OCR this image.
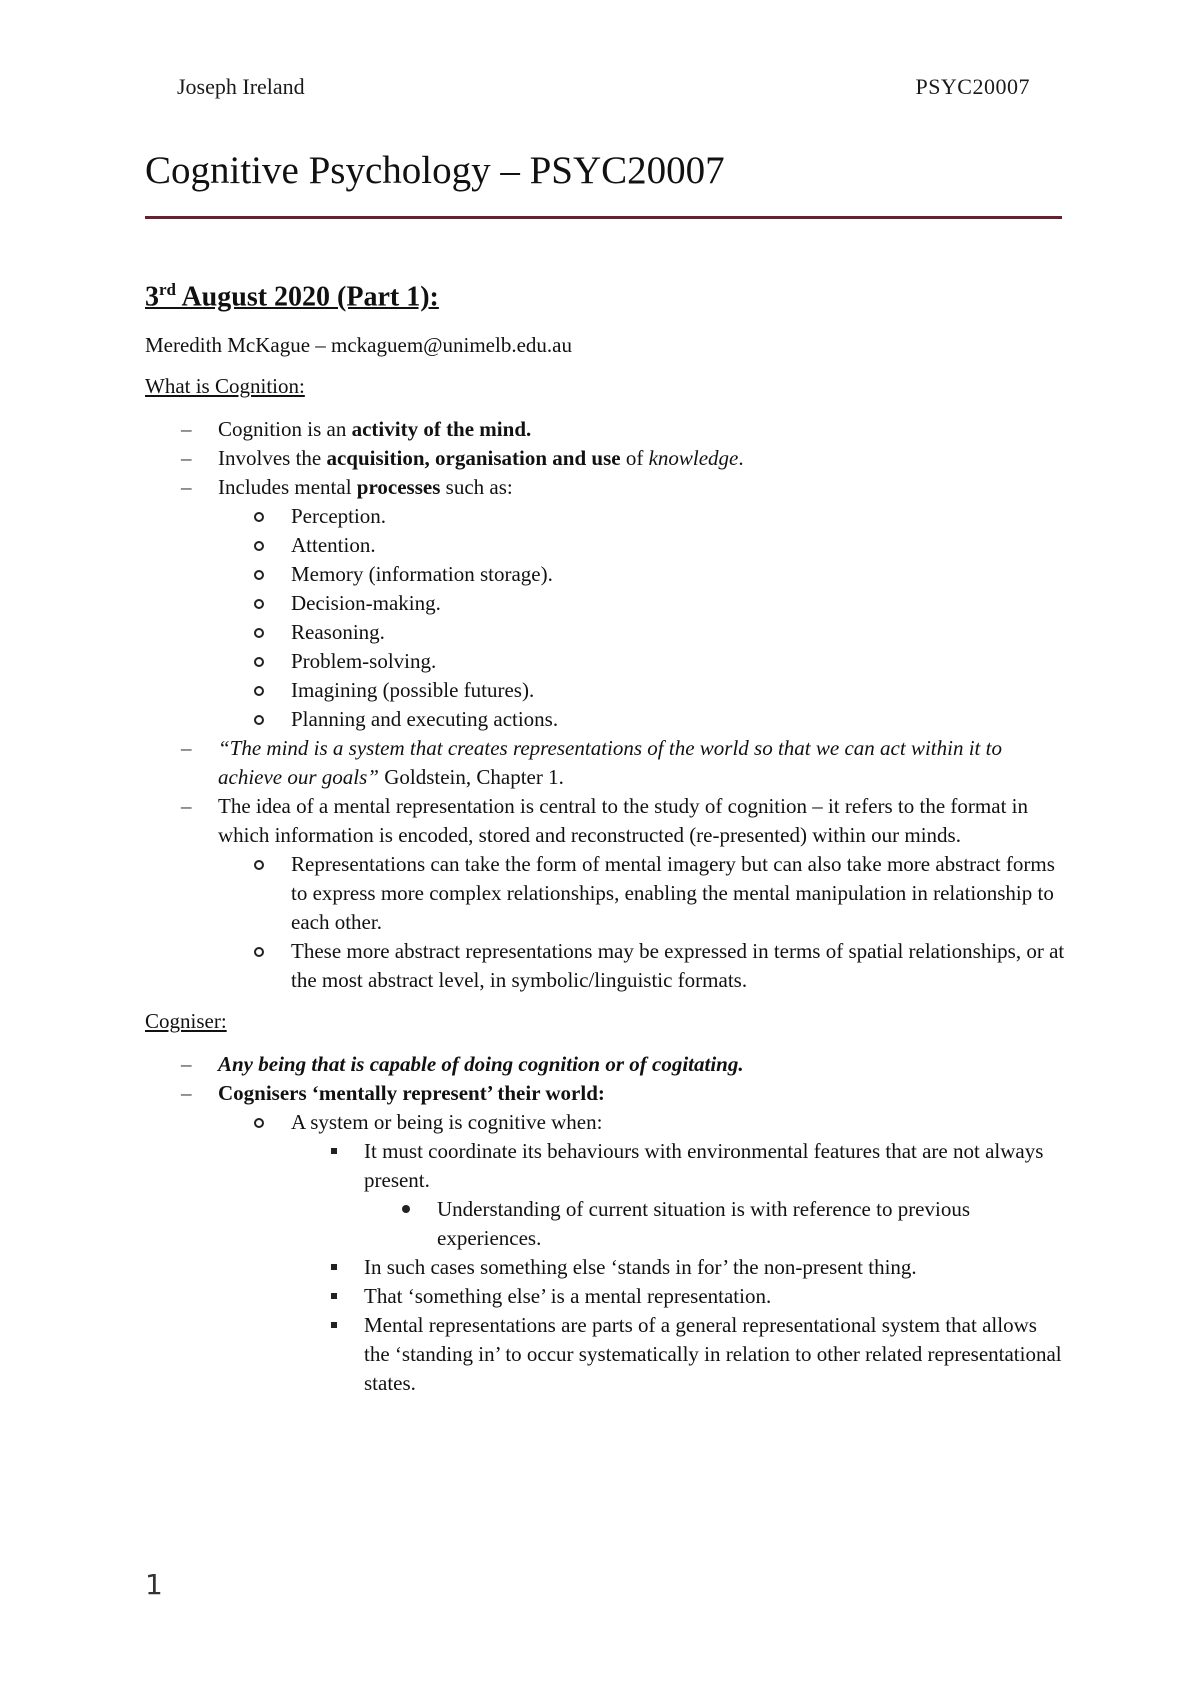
Joseph Ireland	PSYC20007
Cognitive Psychology – PSYC20007

3rd August 2020 (Part 1):

Meredith McKague – mckaguem@unimelb.edu.au

What is Cognition:

– Cognition is an activity of the mind.
– Involves the acquisition, organisation and use of knowledge.
– Includes mental processes such as:
Perception.
Attention.
Memory (information storage).
Decision-making.
Reasoning.
Problem-solving.
Imagining (possible futures).
Planning and executing actions.
– “The mind is a system that creates representations of the world so that we can act within it to achieve our goals” Goldstein, Chapter 1.
– The idea of a mental representation is central to the study of cognition – it refers to the format in which information is encoded, stored and reconstructed (re-presented) within our minds.
Representations can take the form of mental imagery but can also take more abstract forms to express more complex relationships, enabling the mental manipulation in relationship to each other.
These more abstract representations may be expressed in terms of spatial relationships, or at the most abstract level, in symbolic/linguistic formats.

Cogniser:

– Any being that is capable of doing cognition or of cogitating.
– Cognisers ‘mentally represent’ their world:
A system or being is cognitive when:
It must coordinate its behaviours with environmental features that are not always present.
Understanding of current situation is with reference to previous experiences.
In such cases something else ‘stands in for’ the non-present thing.
That ‘something else’ is a mental representation.
Mental representations are parts of a general representational system that allows the ‘standing in’ to occur systematically in relation to other related representational states.
1
